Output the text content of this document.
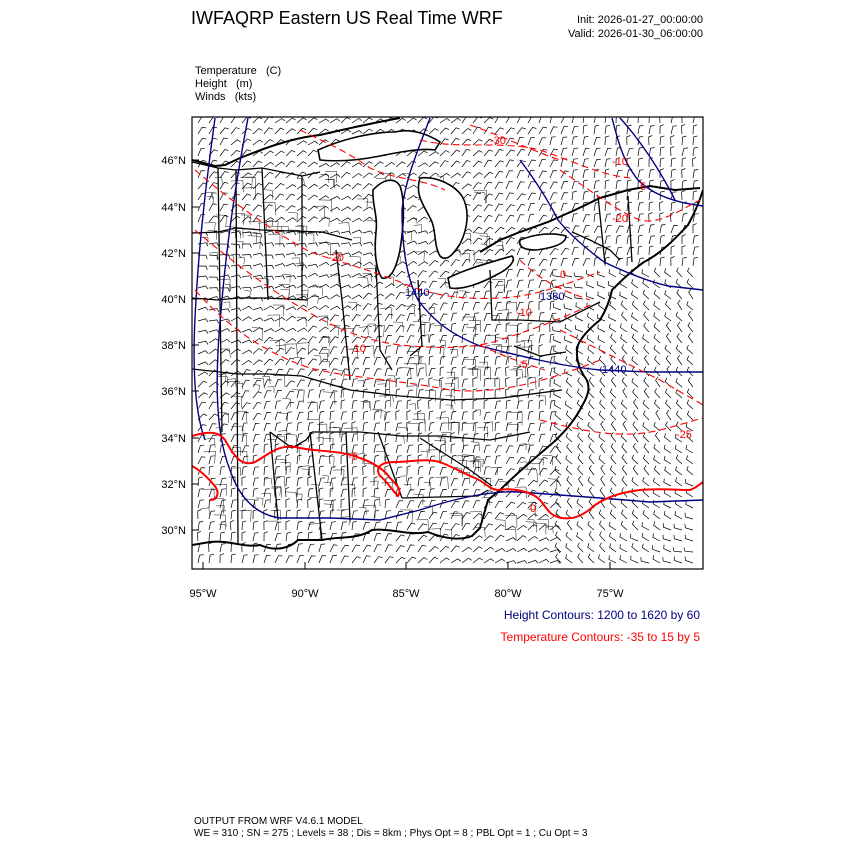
IWFAQRP Eastern US Real Time WRF	Init: 2026-01-27_00:00:00
Valid: 2026-01-30_06:00:00
Temperature (C)
Height (m)
Winds (kts)
1440
1440
1380
-30
-20
-20
-10
-10
-5
0
0
-25
5
-5
-10
46°N
44°N
42°N
40°N
38°N
36°N
34°N
32°N
30°N
95°W	90°W	85°W	80°W	75°W
Height Contours: 1200 to 1620 by 60
Temperature Contours: -35 to 15 by 5
OUTPUT FROM WRF V4.6.1 MODEL
WE = 310 ; SN = 275 ; Levels = 38 ; Dis = 8km ; Phys Opt = 8 ; PBL Opt = 1 ; Cu Opt = 3
